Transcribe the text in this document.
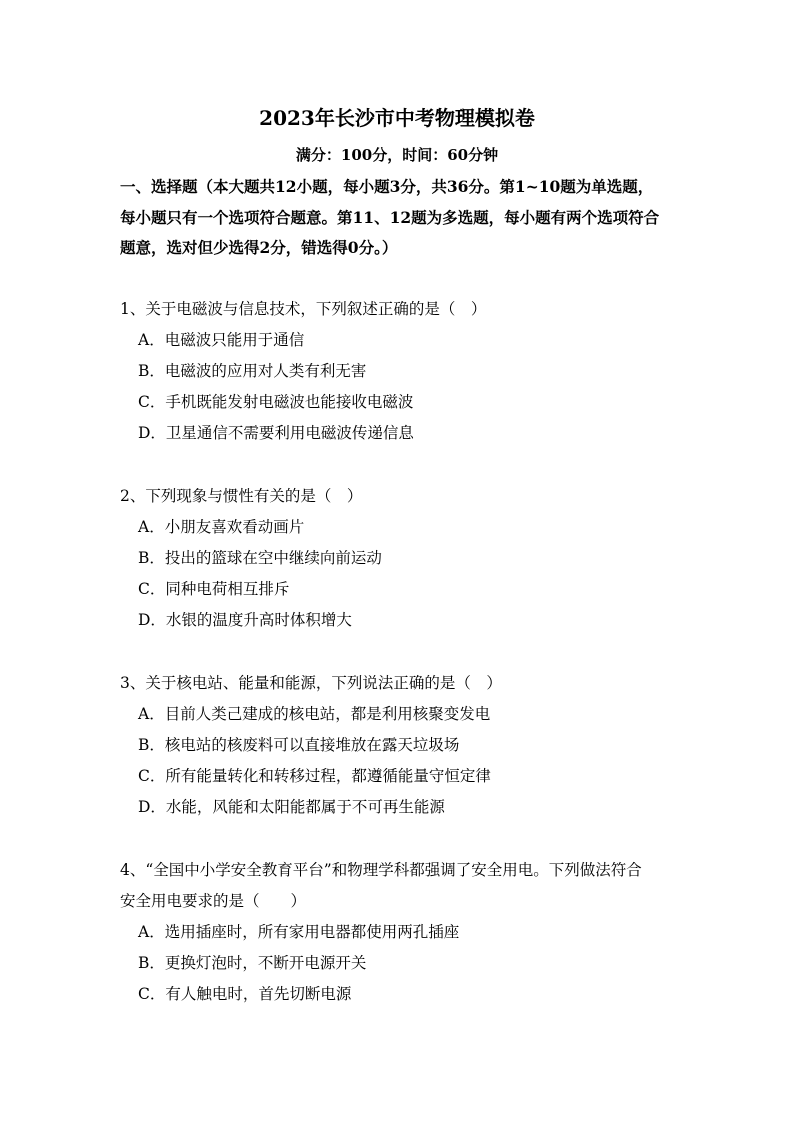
2023年长沙市中考物理模拟卷
满分：100分，时间：60分钟
一、选择题（本大题共12小题，每小题3分，共36分。第1~10题为单选题，
每小题只有一个选项符合题意。第11、12题为多选题，每小题有两个选项符合
题意，选对但少选得2分，错选得0分。）
1、关于电磁波与信息技术，下列叙述正确的是（　）
A．电磁波只能用于通信
B．电磁波的应用对人类有利无害
C．手机既能发射电磁波也能接收电磁波
D．卫星通信不需要利用电磁波传递信息
2、下列现象与惯性有关的是（　）
A．小朋友喜欢看动画片
B．投出的篮球在空中继续向前运动
C．同种电荷相互排斥
D．水银的温度升高时体积增大
3、关于核电站、能量和能源，下列说法正确的是（　）
A．目前人类己建成的核电站，都是利用核聚变发电
B．核电站的核废料可以直接堆放在露天垃圾场
C．所有能量转化和转移过程，都遵循能量守恒定律
D．水能，风能和太阳能都属于不可再生能源
4、“全国中小学安全教育平台”和物理学科都强调了安全用电。下列做法符合
安全用电要求的是（　　）
A．选用插座时，所有家用电器都使用两孔插座
B．更换灯泡时，不断开电源开关
C．有人触电时，首先切断电源
